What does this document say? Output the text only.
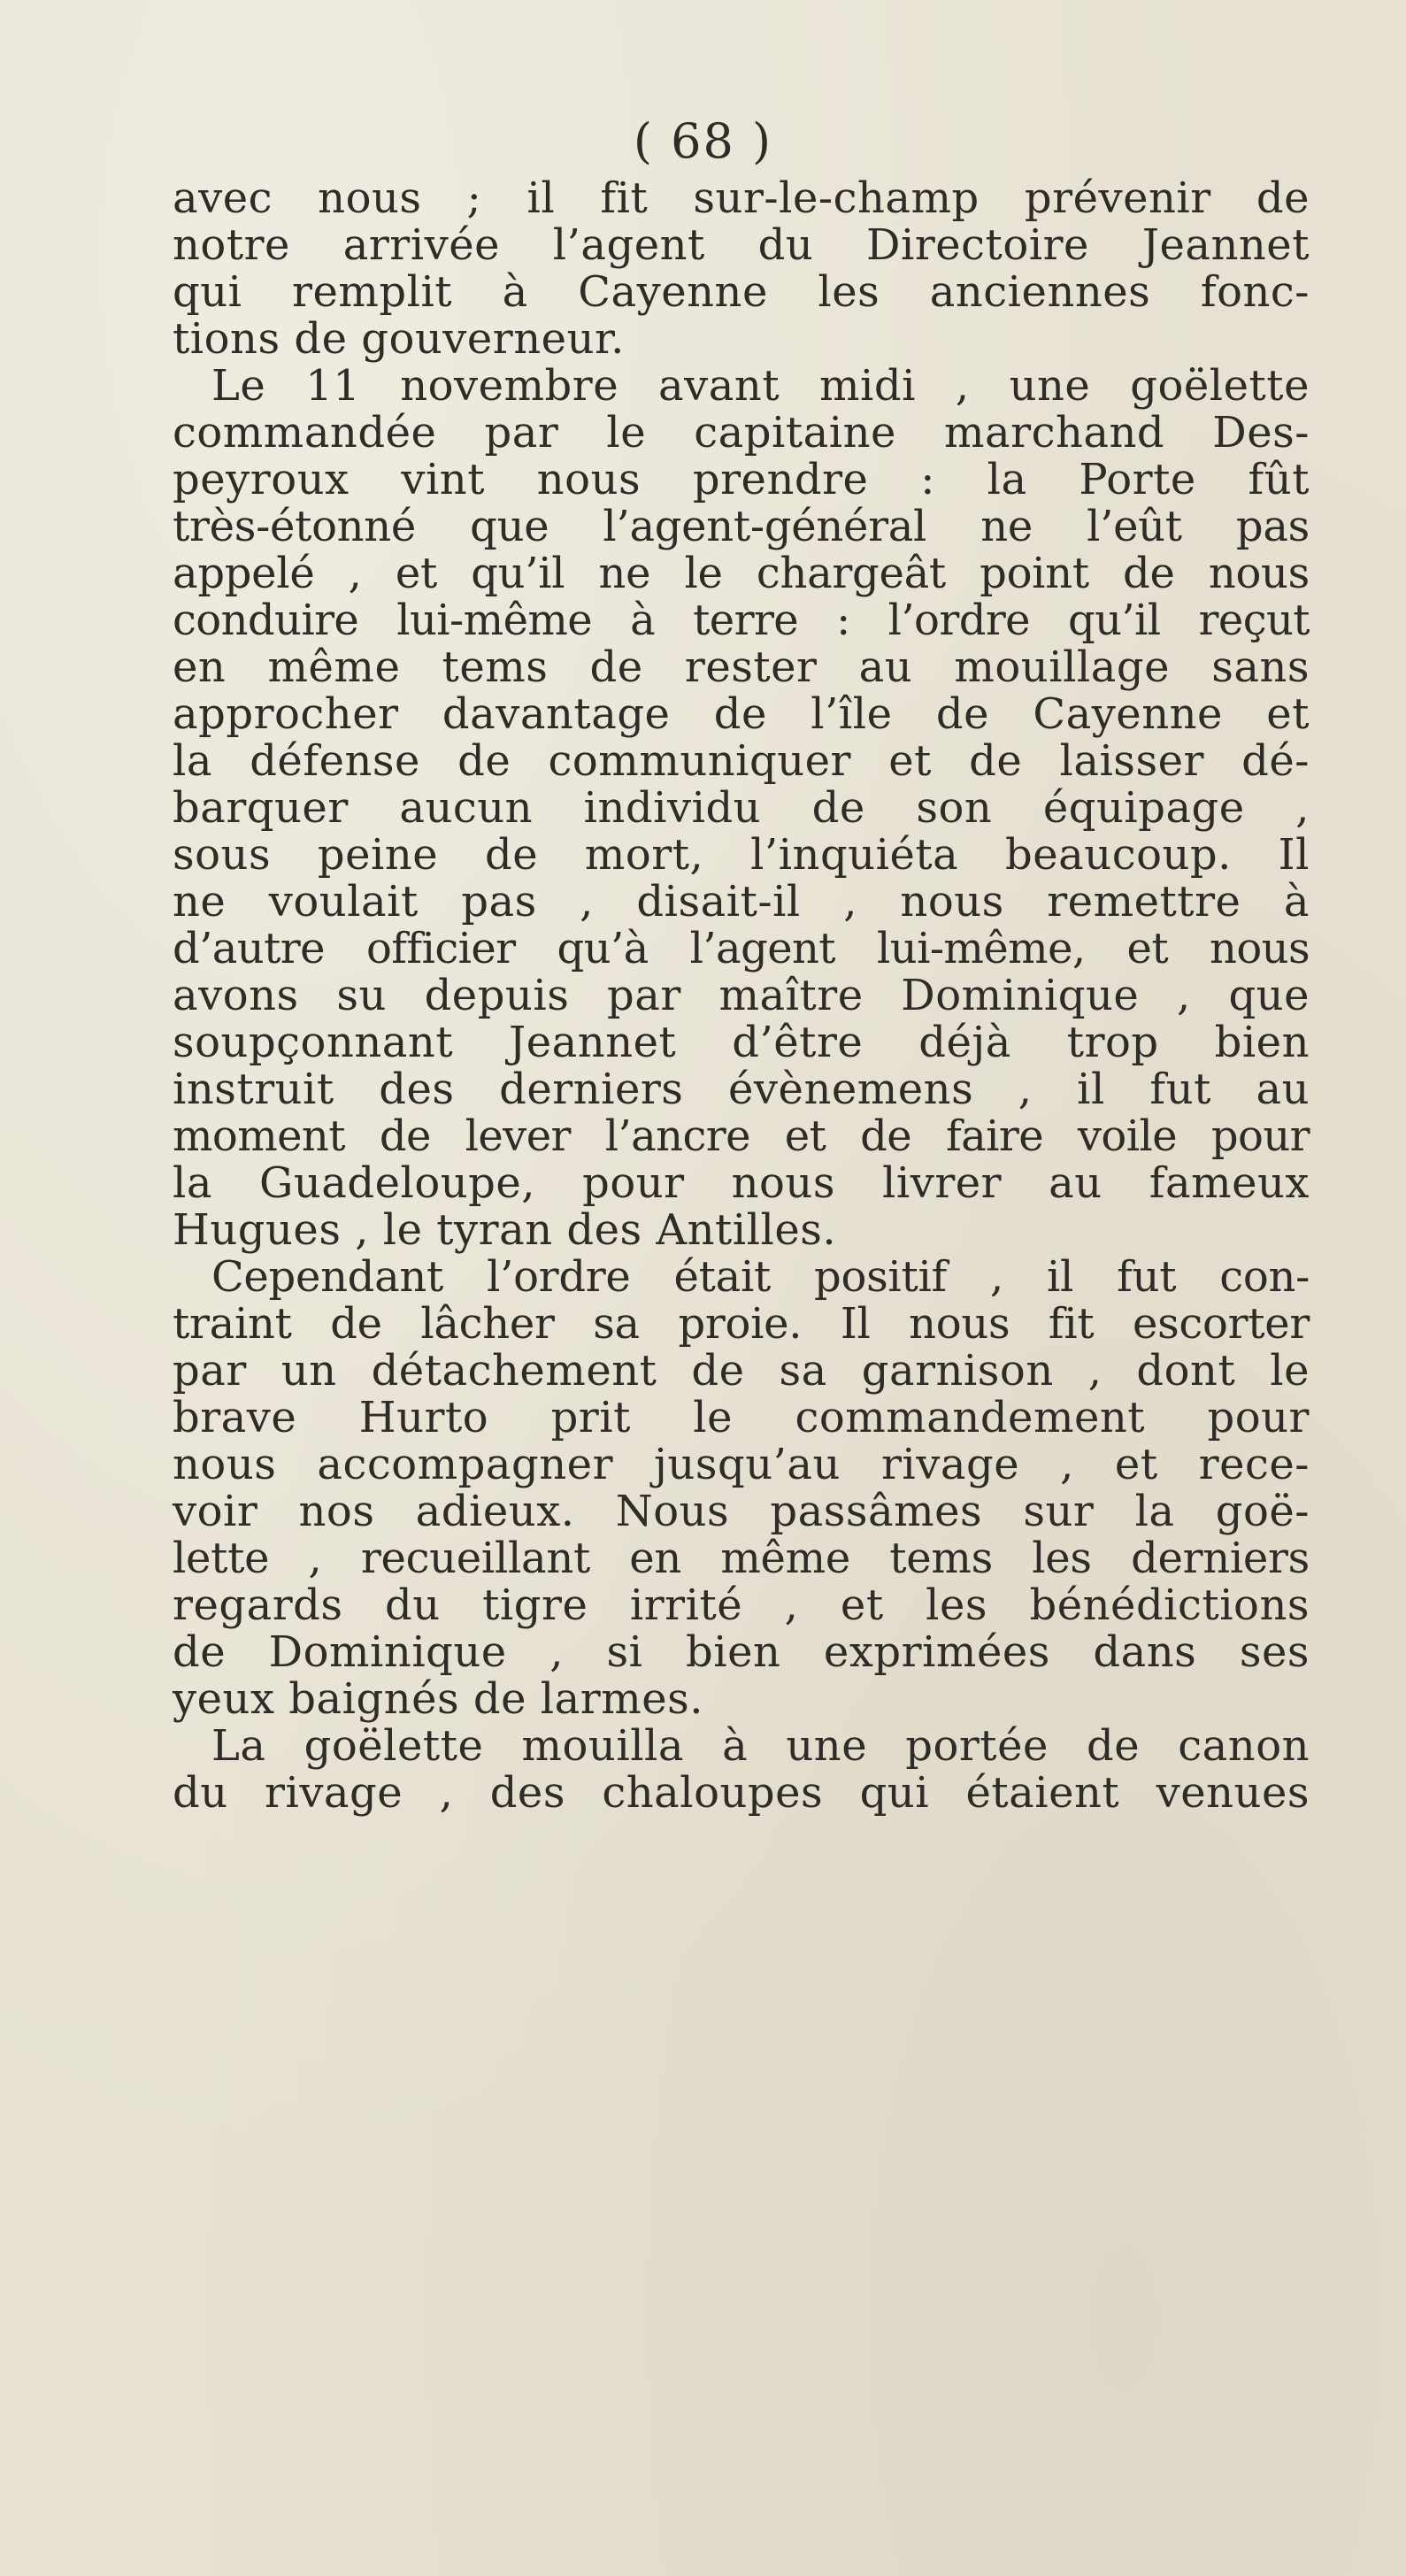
( 68 )
avec nous ; il fit sur-le-champ prévenir de
notre arrivée l’agent du Directoire Jeannet
qui remplit à Cayenne les anciennes fonc-
tions de gouverneur.
Le 11 novembre avant midi , une goëlette
commandée par le capitaine marchand Des-
peyroux vint nous prendre : la Porte fût
très-étonné que l’agent-général ne l’eût pas
appelé , et qu’il ne le chargeât point de nous
conduire lui-même à terre : l’ordre qu’il reçut
en même tems de rester au mouillage sans
approcher davantage de l’île de Cayenne et
la défense de communiquer et de laisser dé-
barquer aucun individu de son équipage ,
sous peine de mort, l’inquiéta beaucoup. Il
ne voulait pas , disait-il , nous remettre à
d’autre officier qu’à l’agent lui-même, et nous
avons su depuis par maître Dominique , que
soupçonnant Jeannet d’être déjà trop bien
instruit des derniers évènemens , il fut au
moment de lever l’ancre et de faire voile pour
la Guadeloupe, pour nous livrer au fameux
Hugues , le tyran des Antilles.
Cependant l’ordre était positif , il fut con-
traint de lâcher sa proie. Il nous fit escorter
par un détachement de sa garnison , dont le
brave Hurto prit le commandement pour
nous accompagner jusqu’au rivage , et rece-
voir nos adieux. Nous passâmes sur la goë-
lette , recueillant en même tems les derniers
regards du tigre irrité , et les bénédictions
de Dominique , si bien exprimées dans ses
yeux baignés de larmes.
La goëlette mouilla à une portée de canon
du rivage , des chaloupes qui étaient venues
